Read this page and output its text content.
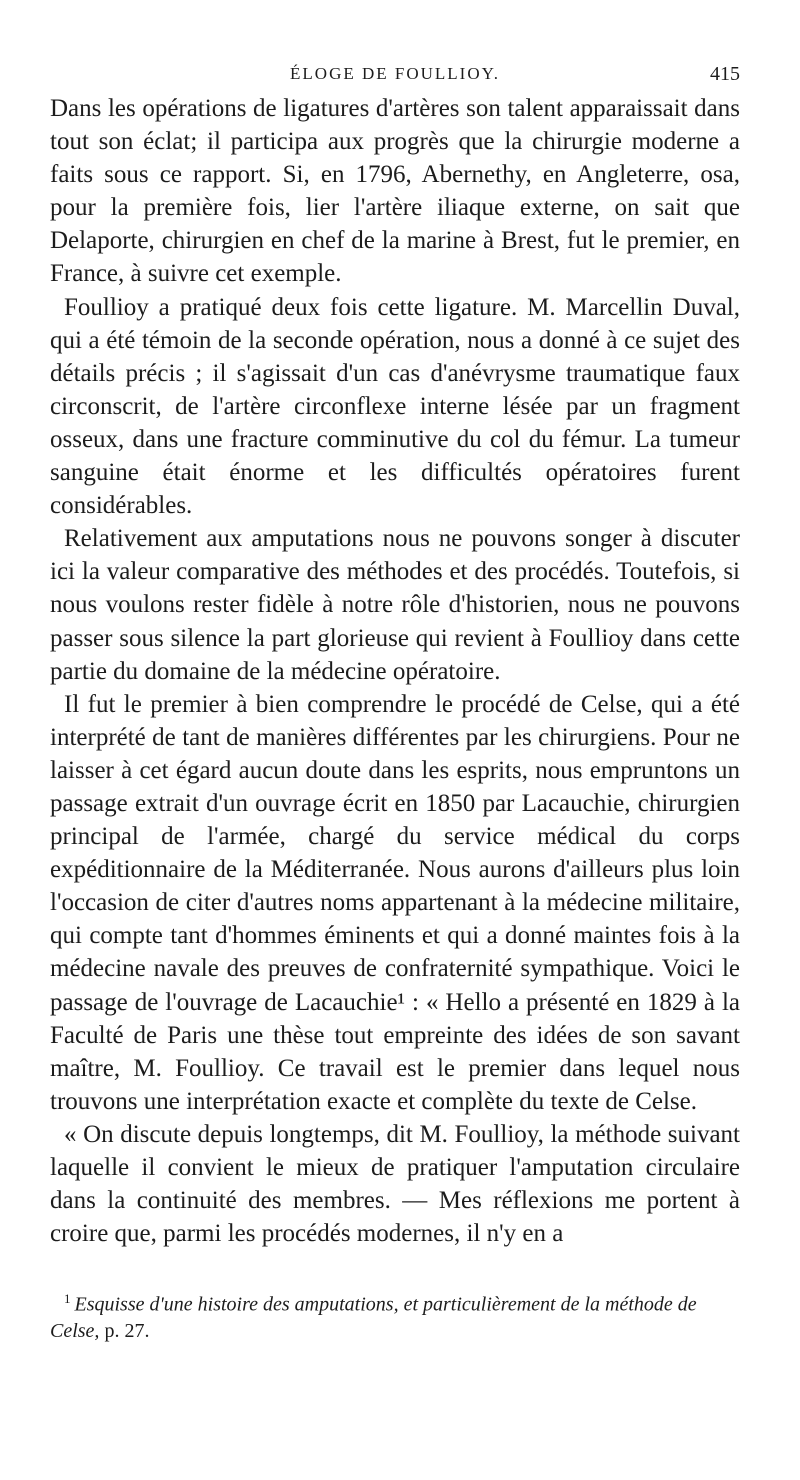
ÉLOGE DE FOULLIOY.	415

Dans les opérations de ligatures d'artères son talent apparaissait dans tout son éclat; il participa aux progrès que la chirurgie moderne a faits sous ce rapport. Si, en 1796, Abernethy, en Angleterre, osa, pour la première fois, lier l'artère iliaque externe, on sait que Delaporte, chirurgien en chef de la marine à Brest, fut le premier, en France, à suivre cet exemple.

Foullioy a pratiqué deux fois cette ligature. M. Marcellin Duval, qui a été témoin de la seconde opération, nous a donné à ce sujet des détails précis ; il s'agissait d'un cas d'anévrysme traumatique faux circonscrit, de l'artère circonflexe interne lésée par un fragment osseux, dans une fracture comminutive du col du fémur. La tumeur sanguine était énorme et les difficultés opératoires furent considérables.

Relativement aux amputations nous ne pouvons songer à discuter ici la valeur comparative des méthodes et des procédés. Toutefois, si nous voulons rester fidèle à notre rôle d'historien, nous ne pouvons passer sous silence la part glorieuse qui revient à Foullioy dans cette partie du domaine de la médecine opératoire.

Il fut le premier à bien comprendre le procédé de Celse, qui a été interprété de tant de manières différentes par les chirurgiens. Pour ne laisser à cet égard aucun doute dans les esprits, nous empruntons un passage extrait d'un ouvrage écrit en 1850 par Lacauchie, chirurgien principal de l'armée, chargé du service médical du corps expéditionnaire de la Méditerranée. Nous aurons d'ailleurs plus loin l'occasion de citer d'autres noms appartenant à la médecine militaire, qui compte tant d'hommes éminents et qui a donné maintes fois à la médecine navale des preuves de confraternité sympathique. Voici le passage de l'ouvrage de Lacauchie¹ : « Hello a présenté en 1829 à la Faculté de Paris une thèse tout empreinte des idées de son savant maître, M. Foullioy. Ce travail est le premier dans lequel nous trouvons une interprétation exacte et complète du texte de Celse.

« On discute depuis longtemps, dit M. Foullioy, la méthode suivant laquelle il convient le mieux de pratiquer l'amputation circulaire dans la continuité des membres. — Mes réflexions me portent à croire que, parmi les procédés modernes, il n'y en a

$^1$ Esquisse d'une histoire des amputations, et particulièrement de la méthode de Celse, p. 27.
